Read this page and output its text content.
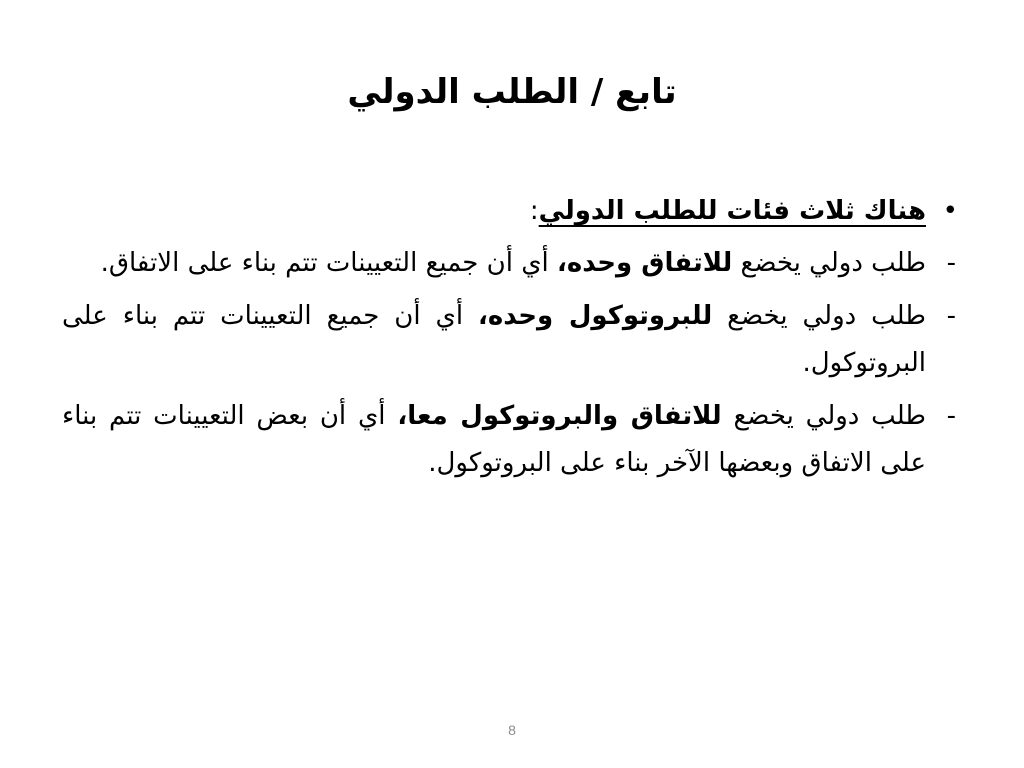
تابع / الطلب الدولي
•
هناك ثلاث فئات للطلب الدولي:
-
طلب دولي يخضع للاتفاق وحده، أي أن جميع التعيينات تتم بناء على الاتفاق.
-
طلب دولي يخضع للبروتوكول وحده، أي أن جميع التعيينات تتم بناء على البروتوكول.
-
طلب دولي يخضع للاتفاق والبروتوكول معا، أي أن بعض التعيينات تتم بناء على الاتفاق وبعضها الآخر بناء على البروتوكول.
8
